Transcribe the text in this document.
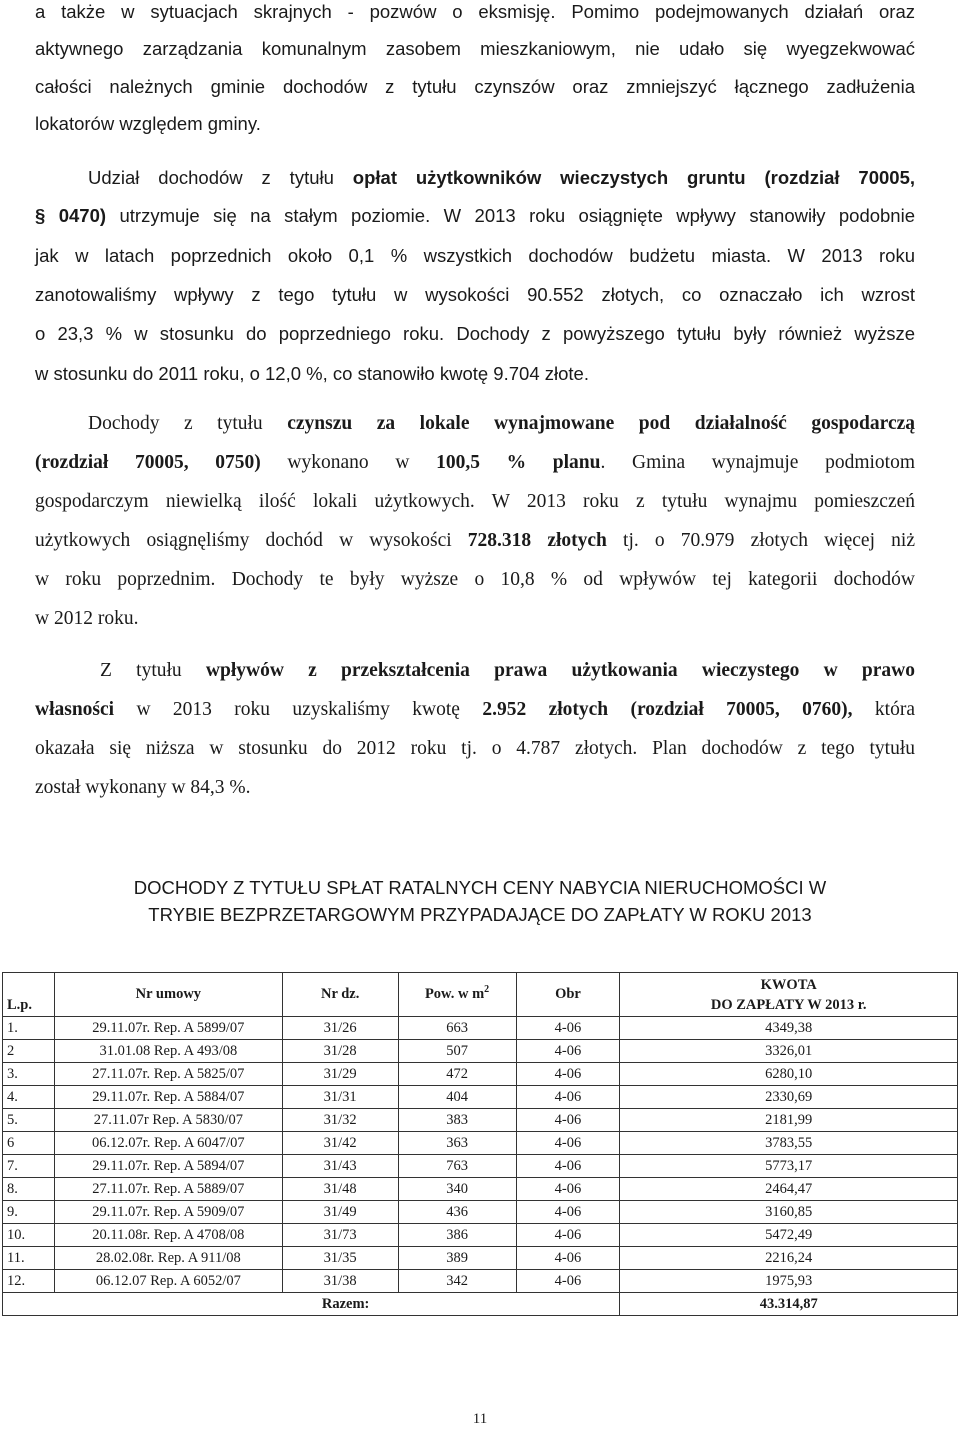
a także w sytuacjach skrajnych - pozwów o eksmisję. Pomimo podejmowanych działań oraz
aktywnego zarządzania komunalnym zasobem mieszkaniowym, nie udało się wyegzekwować
całości należnych gminie dochodów z tytułu czynszów oraz zmniejszyć łącznego zadłużenia
lokatorów względem gminy.
Udział dochodów z tytułu opłat użytkowników wieczystych gruntu (rozdział 70005,
§ 0470) utrzymuje się na stałym poziomie. W 2013 roku osiągnięte wpływy stanowiły podobnie
jak w latach poprzednich około 0,1 % wszystkich dochodów budżetu miasta. W 2013 roku
zanotowaliśmy wpływy z tego tytułu w wysokości 90.552 złotych, co oznaczało ich wzrost
o 23,3 % w stosunku do poprzedniego roku. Dochody z powyższego tytułu były również wyższe
w stosunku do 2011 roku, o 12,0 %, co stanowiło kwotę 9.704 złote.
Dochody z tytułu czynszu za lokale wynajmowane pod działalność gospodarczą
(rozdział 70005, 0750) wykonano w 100,5 % planu. Gmina wynajmuje podmiotom
gospodarczym niewielką ilość lokali użytkowych. W 2013 roku z tytułu wynajmu pomieszczeń
użytkowych osiągnęliśmy dochód w wysokości 728.318 złotych tj. o 70.979 złotych więcej niż
w roku poprzednim. Dochody te były wyższe o 10,8 % od wpływów tej kategorii dochodów
w 2012 roku.
Z tytułu wpływów z przekształcenia prawa użytkowania wieczystego w prawo
własności w 2013 roku uzyskaliśmy kwotę 2.952 złotych (rozdział 70005, 0760), która
okazała się niższa w stosunku do 2012 roku tj. o 4.787 złotych. Plan dochodów z tego tytułu
został wykonany w 84,3 %.
DOCHODY Z TYTUŁU SPŁAT RATALNYCH CENY NABYCIA NIERUCHOMOŚCI W
TRYBIE BEZPRZETARGOWYM PRZYPADAJĄCE DO ZAPŁATY W ROKU 2013
L.p.	Nr umowy	Nr dz.	Pow. w $m^2$	Obr	KWOTA
DO ZAPŁATY W 2013 r.

1.	29.11.07r. Rep. A 5899/07	31/26	663	4-06	4349,38
2	31.01.08 Rep. A 493/08	31/28	507	4-06	3326,01
3.	27.11.07r. Rep. A 5825/07	31/29	472	4-06	6280,10
4.	29.11.07r. Rep. A 5884/07	31/31	404	4-06	2330,69
5.	27.11.07r Rep. A 5830/07	31/32	383	4-06	2181,99
6	06.12.07r. Rep. A 6047/07	31/42	363	4-06	3783,55
7.	29.11.07r. Rep. A 5894/07	31/43	763	4-06	5773,17
8.	27.11.07r. Rep. A 5889/07	31/48	340	4-06	2464,47
9.	29.11.07r. Rep. A 5909/07	31/49	436	4-06	3160,85
10.	20.11.08r. Rep. A 4708/08	31/73	386	4-06	5472,49
11.	28.02.08r. Rep. A 911/08	31/35	389	4-06	2216,24
12.	06.12.07 Rep. A 6052/07	31/38	342	4-06	1975,93
Razem:					43.314,87
11
